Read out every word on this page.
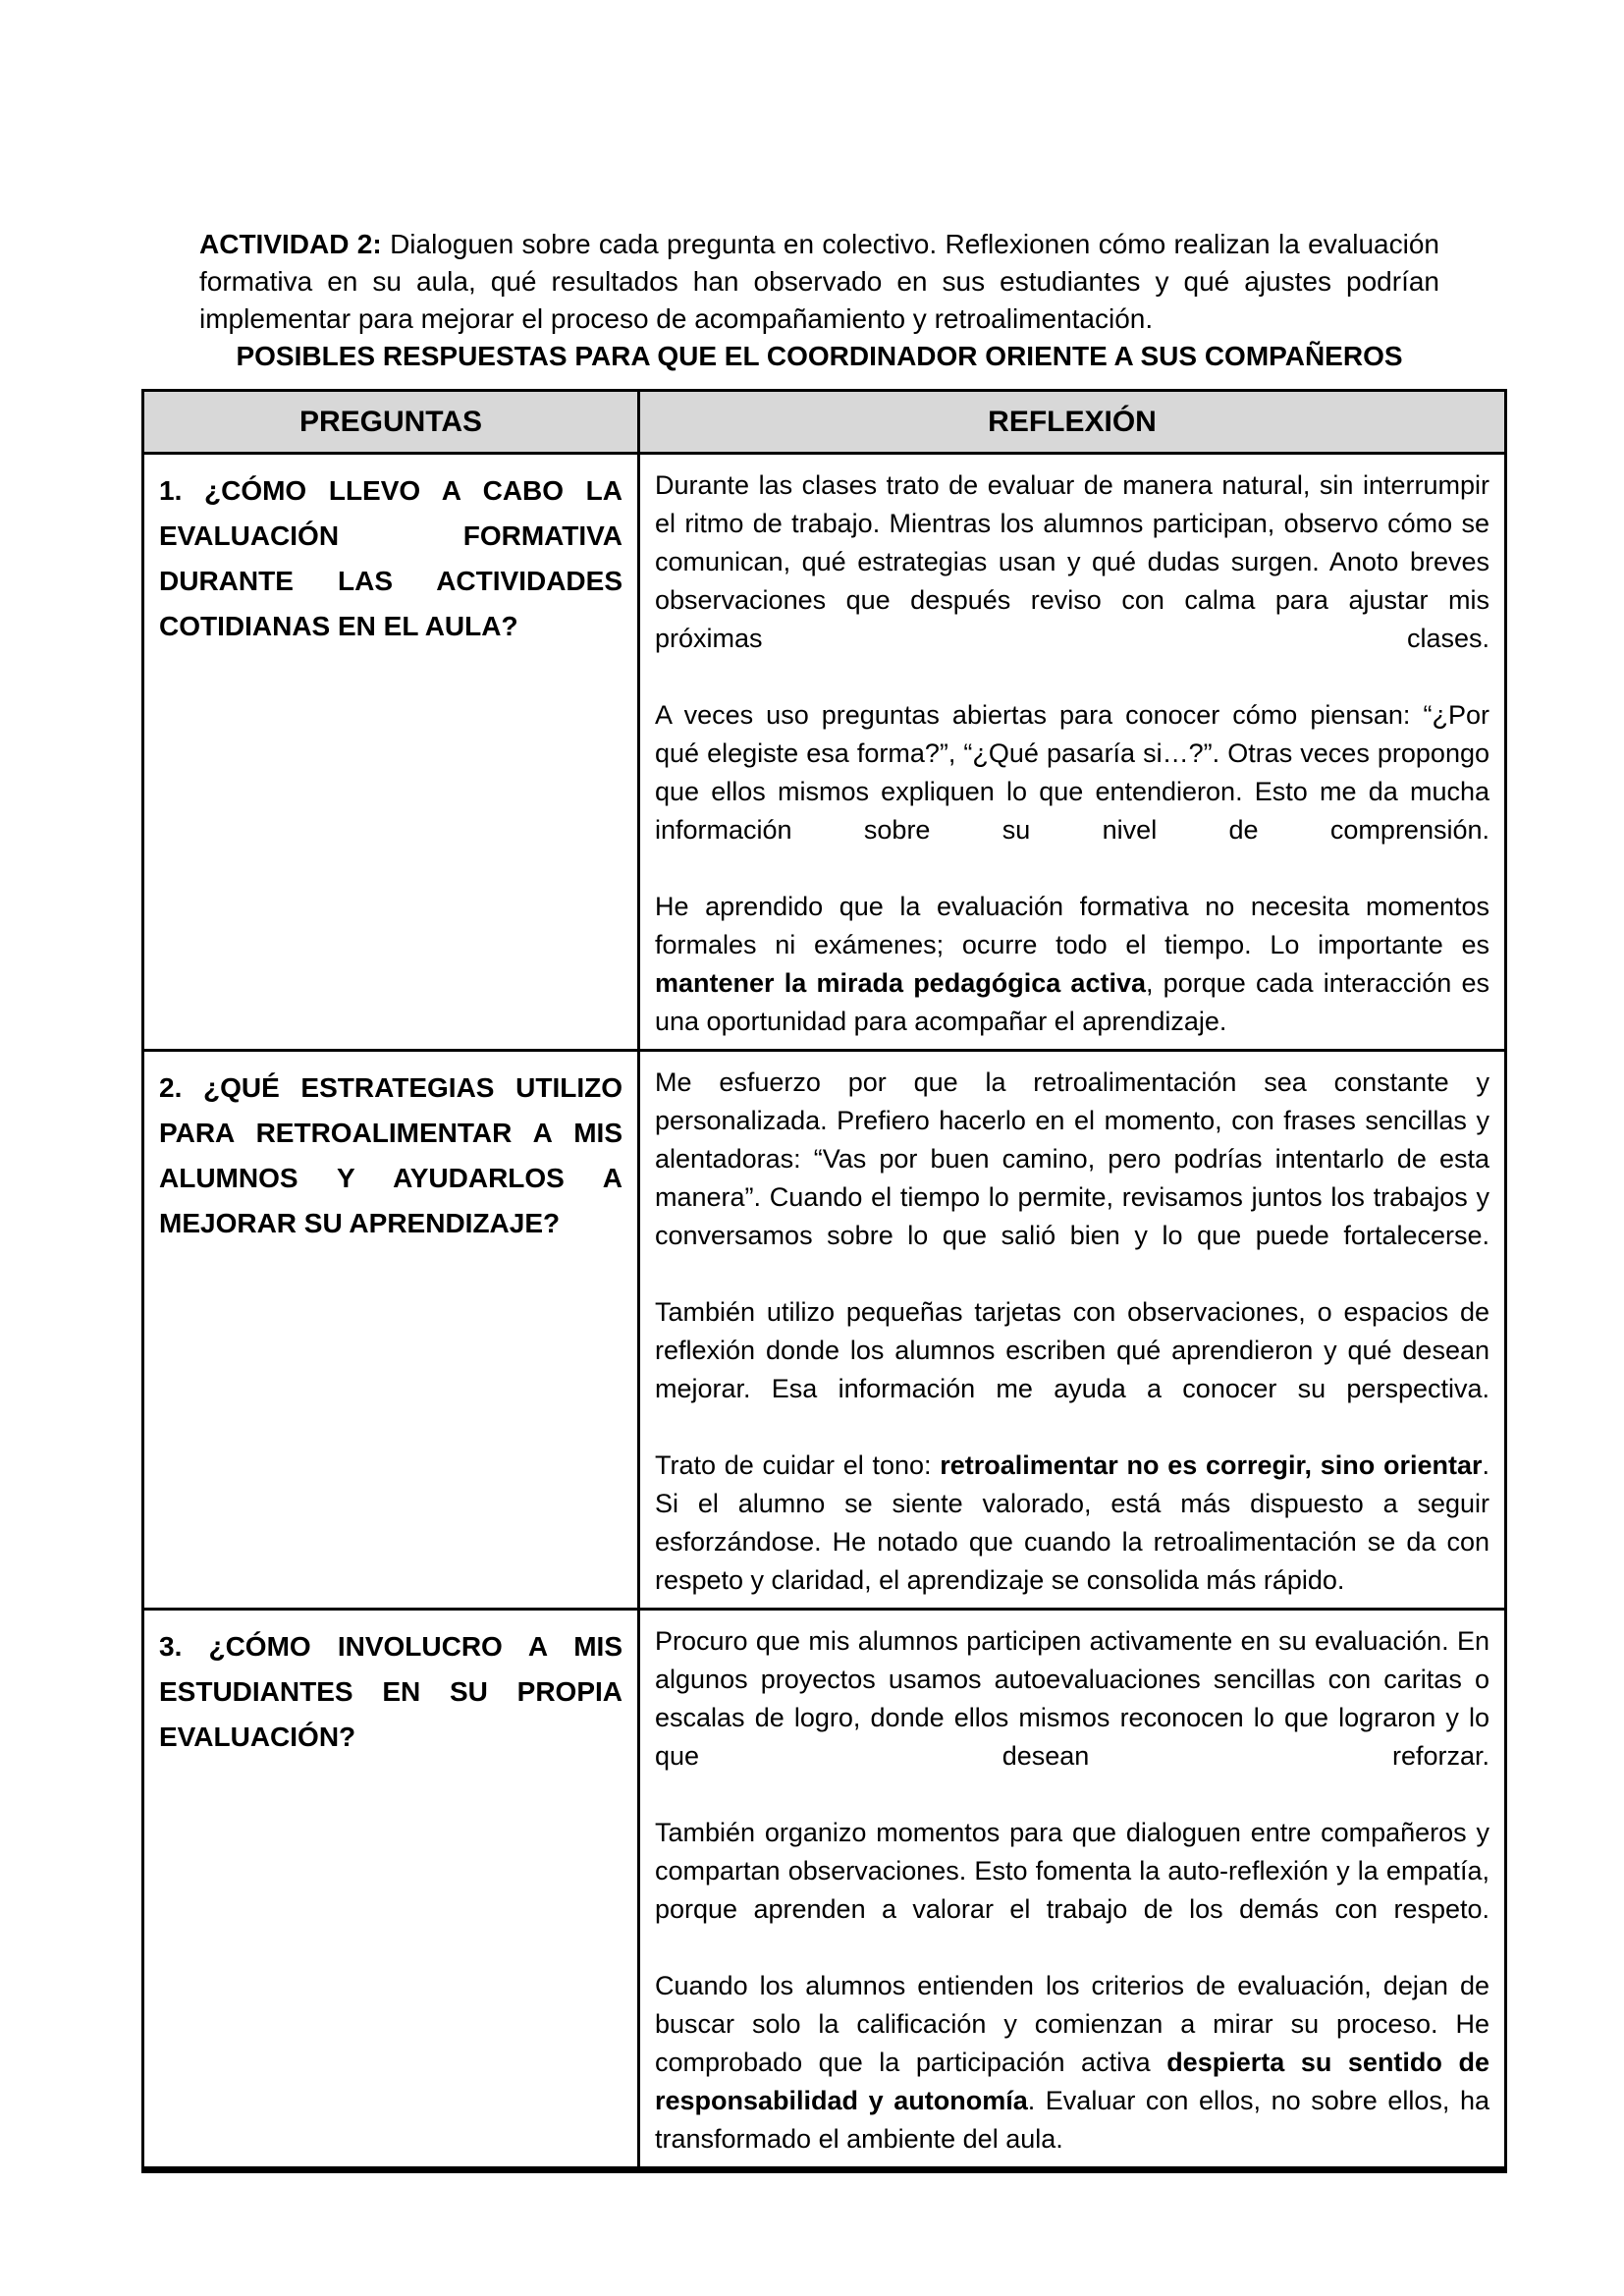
ACTIVIDAD 2: Dialoguen sobre cada pregunta en colectivo. Reflexionen cómo realizan la evaluación formativa en su aula, qué resultados han observado en sus estudiantes y qué ajustes podrían implementar para mejorar el proceso de acompañamiento y retroalimentación.

POSIBLES RESPUESTAS PARA QUE EL COORDINADOR ORIENTE A SUS COMPAÑEROS

PREGUNTAS	REFLEXIÓN
1. ¿CÓMO LLEVO A CABO LA EVALUACIÓN FORMATIVA DURANTE LAS ACTIVIDADES COTIDIANAS EN EL AULA?	Durante las clases trato de evaluar de manera natural, sin interrumpir el ritmo de trabajo. Mientras los alumnos participan, observo cómo se comunican, qué estrategias usan y qué dudas surgen. Anoto breves observaciones que después reviso con calma para ajustar mis próximas clases.

A veces uso preguntas abiertas para conocer cómo piensan: “¿Por qué elegiste esa forma?”, “¿Qué pasaría si…?”. Otras veces propongo que ellos mismos expliquen lo que entendieron. Esto me da mucha información sobre su nivel de comprensión.

He aprendido que la evaluación formativa no necesita momentos formales ni exámenes; ocurre todo el tiempo. Lo importante es mantener la mirada pedagógica activa, porque cada interacción es una oportunidad para acompañar el aprendizaje.

2. ¿QUÉ ESTRATEGIAS UTILIZO PARA RETROALIMENTAR A MIS ALUMNOS Y AYUDARLOS A MEJORAR SU APRENDIZAJE?	Me esfuerzo por que la retroalimentación sea constante y personalizada. Prefiero hacerlo en el momento, con frases sencillas y alentadoras: “Vas por buen camino, pero podrías intentarlo de esta manera”. Cuando el tiempo lo permite, revisamos juntos los trabajos y conversamos sobre lo que salió bien y lo que puede fortalecerse.

También utilizo pequeñas tarjetas con observaciones, o espacios de reflexión donde los alumnos escriben qué aprendieron y qué desean mejorar. Esa información me ayuda a conocer su perspectiva.

Trato de cuidar el tono: retroalimentar no es corregir, sino orientar. Si el alumno se siente valorado, está más dispuesto a seguir esforzándose. He notado que cuando la retroalimentación se da con respeto y claridad, el aprendizaje se consolida más rápido.

3. ¿CÓMO INVOLUCRO A MIS ESTUDIANTES EN SU PROPIA EVALUACIÓN?	Procuro que mis alumnos participen activamente en su evaluación. En algunos proyectos usamos autoevaluaciones sencillas con caritas o escalas de logro, donde ellos mismos reconocen lo que lograron y lo que desean reforzar.

También organizo momentos para que dialoguen entre compañeros y compartan observaciones. Esto fomenta la auto-reflexión y la empatía, porque aprenden a valorar el trabajo de los demás con respeto.

Cuando los alumnos entienden los criterios de evaluación, dejan de buscar solo la calificación y comienzan a mirar su proceso. He comprobado que la participación activa despierta su sentido de responsabilidad y autonomía. Evaluar con ellos, no sobre ellos, ha transformado el ambiente del aula.
